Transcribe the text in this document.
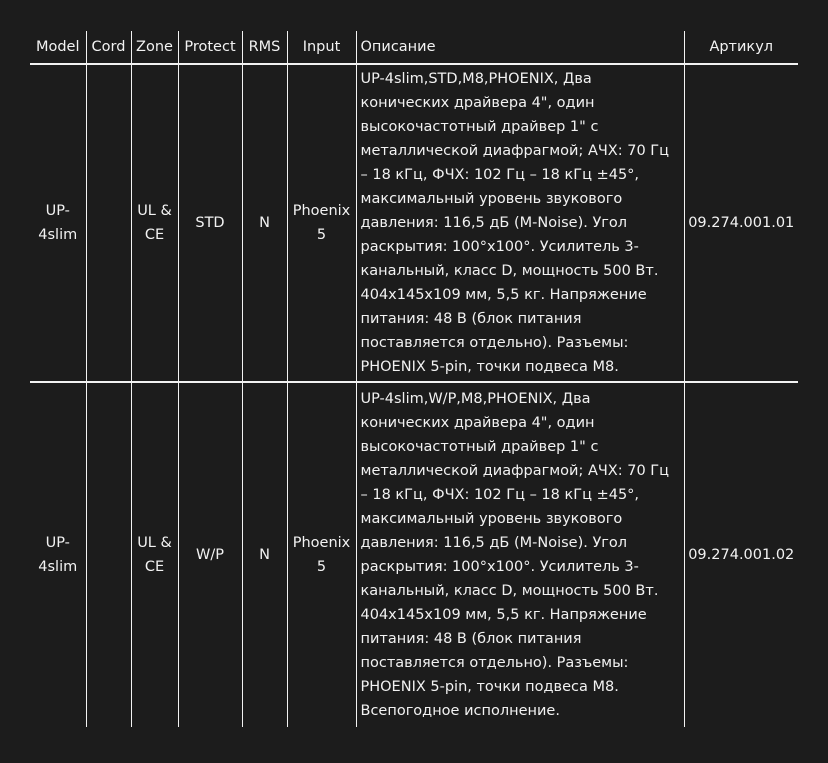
Model	Cord	Zone	Protect	RMS	Input	Описание	Артикул
UP-4slim		UL & CE	STD	N	Phoenix 5	UP-4slim,STD,M8,PHOENIX, Два конических драйвера 4", один высокочастотный драйвер 1" с металлической диафрагмой; АЧХ: 70 Гц – 18 кГц, ФЧХ: 102 Гц – 18 кГц ±45°, максимальный уровень звукового давления: 116,5 дБ (M-Noise). Угол раскрытия: 100°x100°. Усилитель 3-канальный, класс D, мощность 500 Вт. 404x145x109 мм, 5,5 кг. Напряжение питания: 48 В (блок питания поставляется отдельно). Разъемы: PHOENIX 5-pin, точки подвеса M8.	09.274.001.01
UP-4slim		UL & CE	W/P	N	Phoenix 5	UP-4slim,W/P,M8,PHOENIX, Два конических драйвера 4", один высокочастотный драйвер 1" с металлической диафрагмой; АЧХ: 70 Гц – 18 кГц, ФЧХ: 102 Гц – 18 кГц ±45°, максимальный уровень звукового давления: 116,5 дБ (M-Noise). Угол раскрытия: 100°x100°. Усилитель 3-канальный, класс D, мощность 500 Вт. 404x145x109 мм, 5,5 кг. Напряжение питания: 48 В (блок питания поставляется отдельно). Разъемы: PHOENIX 5-pin, точки подвеса M8. Всепогодное исполнение.	09.274.001.02
